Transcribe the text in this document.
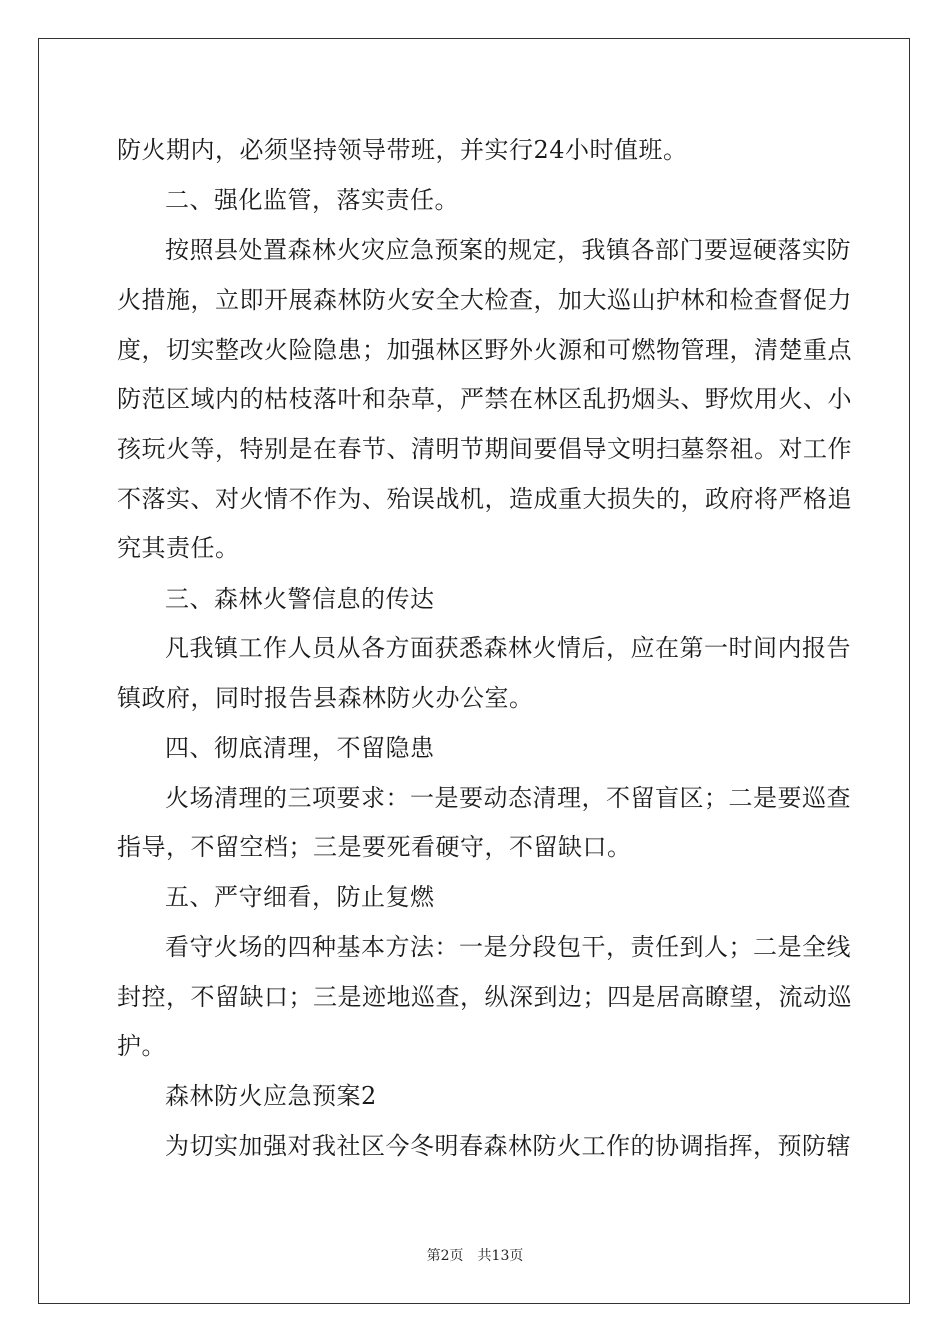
防火期内，必须坚持领导带班，并实行24小时值班。
二、强化监管，落实责任。
按照县处置森林火灾应急预案的规定，我镇各部门要逗硬落实防
火措施，立即开展森林防火安全大检查，加大巡山护林和检查督促力
度，切实整改火险隐患；加强林区野外火源和可燃物管理，清楚重点
防范区域内的枯枝落叶和杂草，严禁在林区乱扔烟头、野炊用火、小
孩玩火等，特别是在春节、清明节期间要倡导文明扫墓祭祖。对工作
不落实、对火情不作为、殆误战机，造成重大损失的，政府将严格追
究其责任。
三、森林火警信息的传达
凡我镇工作人员从各方面获悉森林火情后，应在第一时间内报告
镇政府，同时报告县森林防火办公室。
四、彻底清理，不留隐患
火场清理的三项要求：一是要动态清理，不留盲区；二是要巡查
指导，不留空档；三是要死看硬守，不留缺口。
五、严守细看，防止复燃
看守火场的四种基本方法：一是分段包干，责任到人；二是全线
封控，不留缺口；三是迹地巡查，纵深到边；四是居高瞭望，流动巡
护。
森林防火应急预案2
为切实加强对我社区今冬明春森林防火工作的协调指挥，预防辖
第2页 共13页
